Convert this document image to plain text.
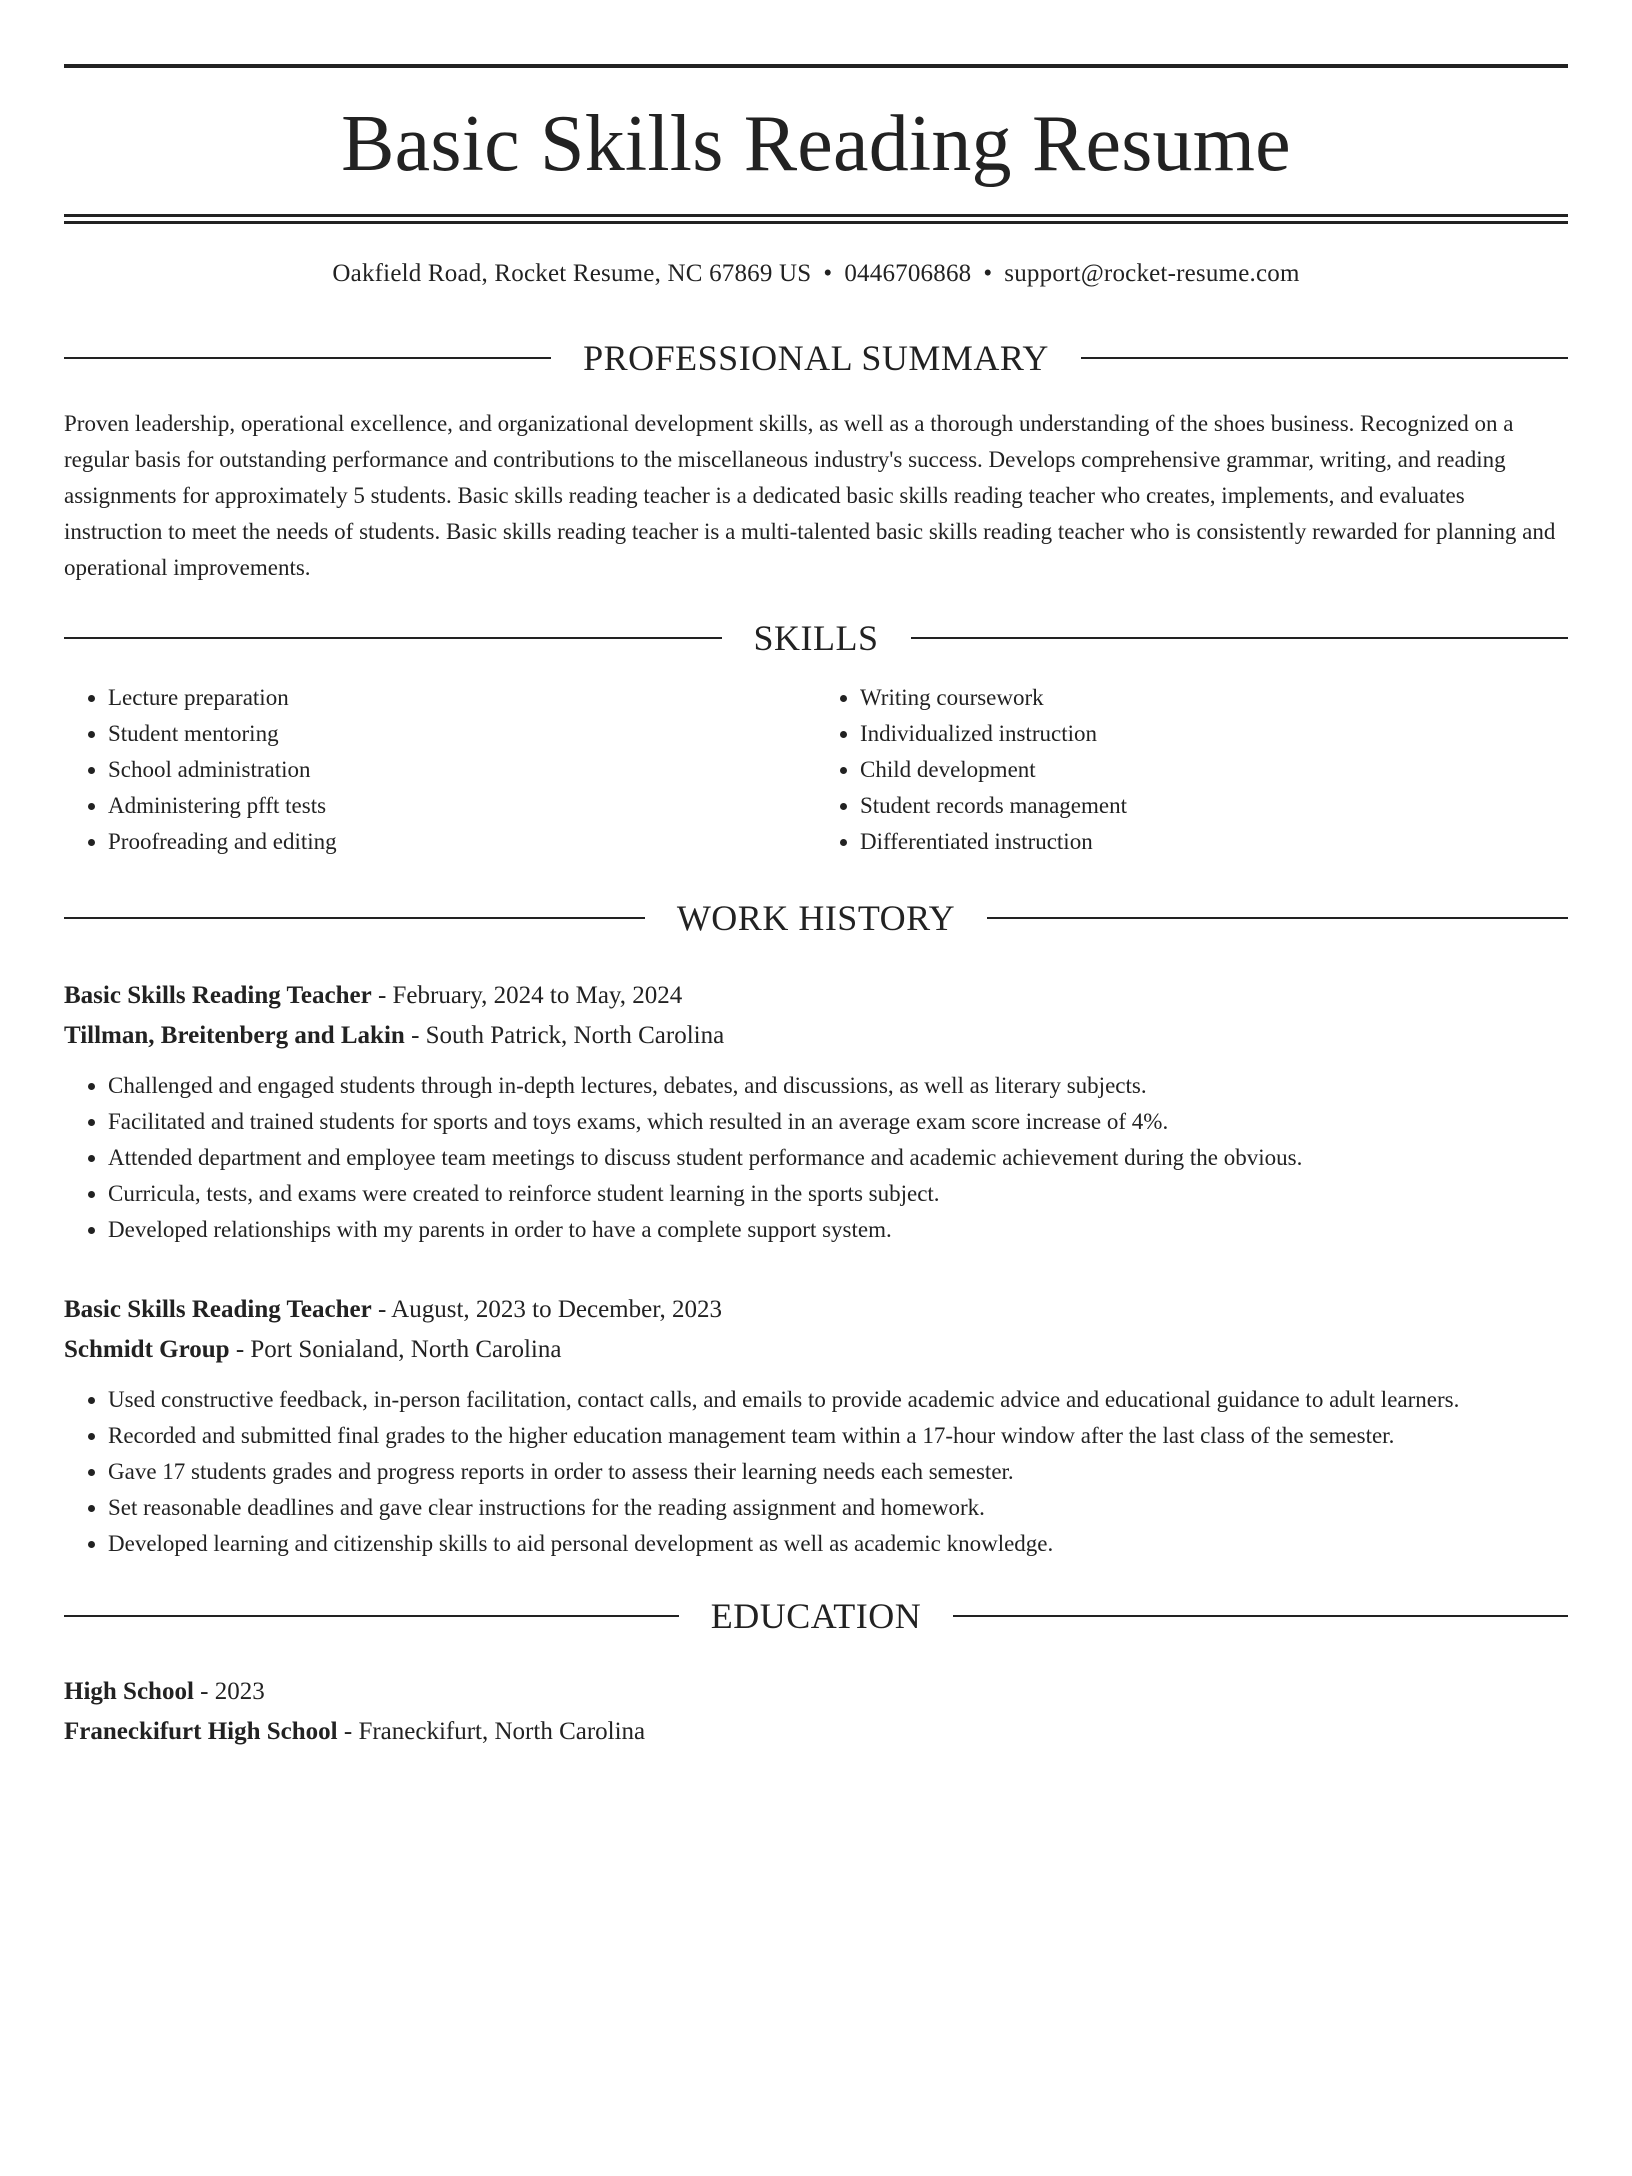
Basic Skills Reading Resume
Oakfield Road, Rocket Resume, NC 67869 US • 0446706868 • support@rocket-resume.com
PROFESSIONAL SUMMARY
Proven leadership, operational excellence, and organizational development skills, as well as a thorough understanding of the shoes business. Recognized on a regular basis for outstanding performance and contributions to the miscellaneous industry's success. Develops comprehensive grammar, writing, and reading assignments for approximately 5 students. Basic skills reading teacher is a dedicated basic skills reading teacher who creates, implements, and evaluates instruction to meet the needs of students. Basic skills reading teacher is a multi-talented basic skills reading teacher who is consistently rewarded for planning and operational improvements.
SKILLS
• Lecture preparation
• Student mentoring
• School administration
• Administering pfft tests
• Proofreading and editing
• Writing coursework
• Individualized instruction
• Child development
• Student records management
• Differentiated instruction
WORK HISTORY
Basic Skills Reading Teacher - February, 2024 to May, 2024
Tillman, Breitenberg and Lakin - South Patrick, North Carolina
• Challenged and engaged students through in-depth lectures, debates, and discussions, as well as literary subjects.
• Facilitated and trained students for sports and toys exams, which resulted in an average exam score increase of 4%.
• Attended department and employee team meetings to discuss student performance and academic achievement during the obvious.
• Curricula, tests, and exams were created to reinforce student learning in the sports subject.
• Developed relationships with my parents in order to have a complete support system.
Basic Skills Reading Teacher - August, 2023 to December, 2023
Schmidt Group - Port Sonialand, North Carolina
• Used constructive feedback, in-person facilitation, contact calls, and emails to provide academic advice and educational guidance to adult learners.
• Recorded and submitted final grades to the higher education management team within a 17-hour window after the last class of the semester.
• Gave 17 students grades and progress reports in order to assess their learning needs each semester.
• Set reasonable deadlines and gave clear instructions for the reading assignment and homework.
• Developed learning and citizenship skills to aid personal development as well as academic knowledge.
EDUCATION
High School - 2023
Franeckifurt High School - Franeckifurt, North Carolina
